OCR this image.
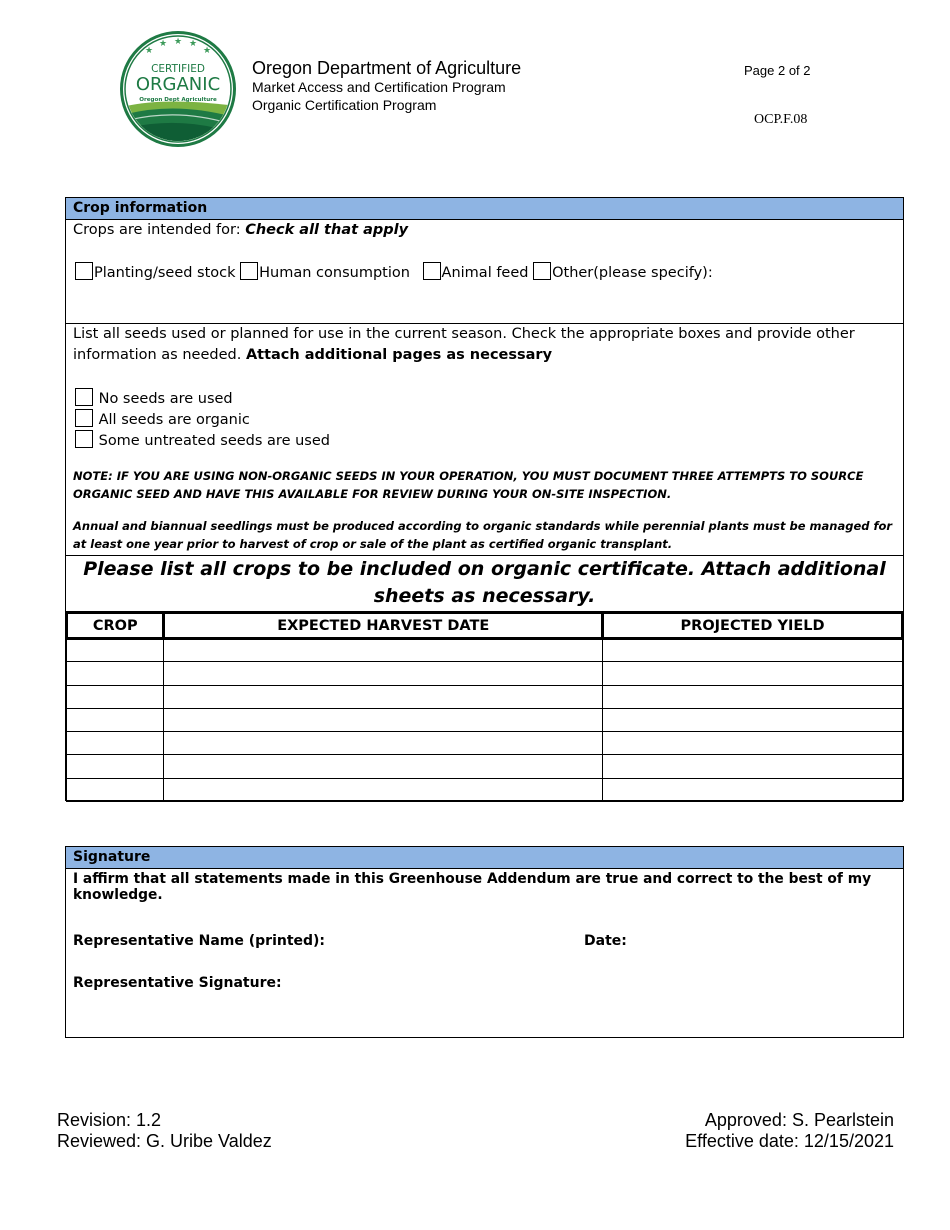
★
★ ★ ★
★
CERTIFIED
ORGANIC
Oregon Dept Agriculture
Oregon Department of Agriculture
Market Access and Certification Program
Organic Certification Program
Page 2 of 2
OCP.F.08
Crop information
Crops are intended for: Check all that apply
Planting/seed stock Human consumption Animal feed Other(please specify):
List all seeds used or planned for use in the current season. Check the appropriate boxes and provide other
information as needed. Attach additional pages as necessary
No seeds are used
All seeds are organic
Some untreated seeds are used
NOTE: IF YOU ARE USING NON-ORGANIC SEEDS IN YOUR OPERATION, YOU MUST DOCUMENT THREE ATTEMPTS TO SOURCE ORGANIC SEED AND HAVE THIS AVAILABLE FOR REVIEW DURING YOUR ON-SITE INSPECTION.
Annual and biannual seedlings must be produced according to organic standards while perennial plants must be managed for at least one year prior to harvest of crop or sale of the plant as certified organic transplant.
Please list all crops to be included on organic certificate. Attach additional sheets as necessary.
CROP	EXPECTED HARVEST DATE	PROJECTED YIELD

Signature
I affirm that all statements made in this Greenhouse Addendum are true and correct to the best of my knowledge.
Representative Name (printed):	Date:
Representative Signature:
Revision: 1.2
Reviewed: G. Uribe Valdez
Approved: S. Pearlstein
Effective date: 12/15/2021
